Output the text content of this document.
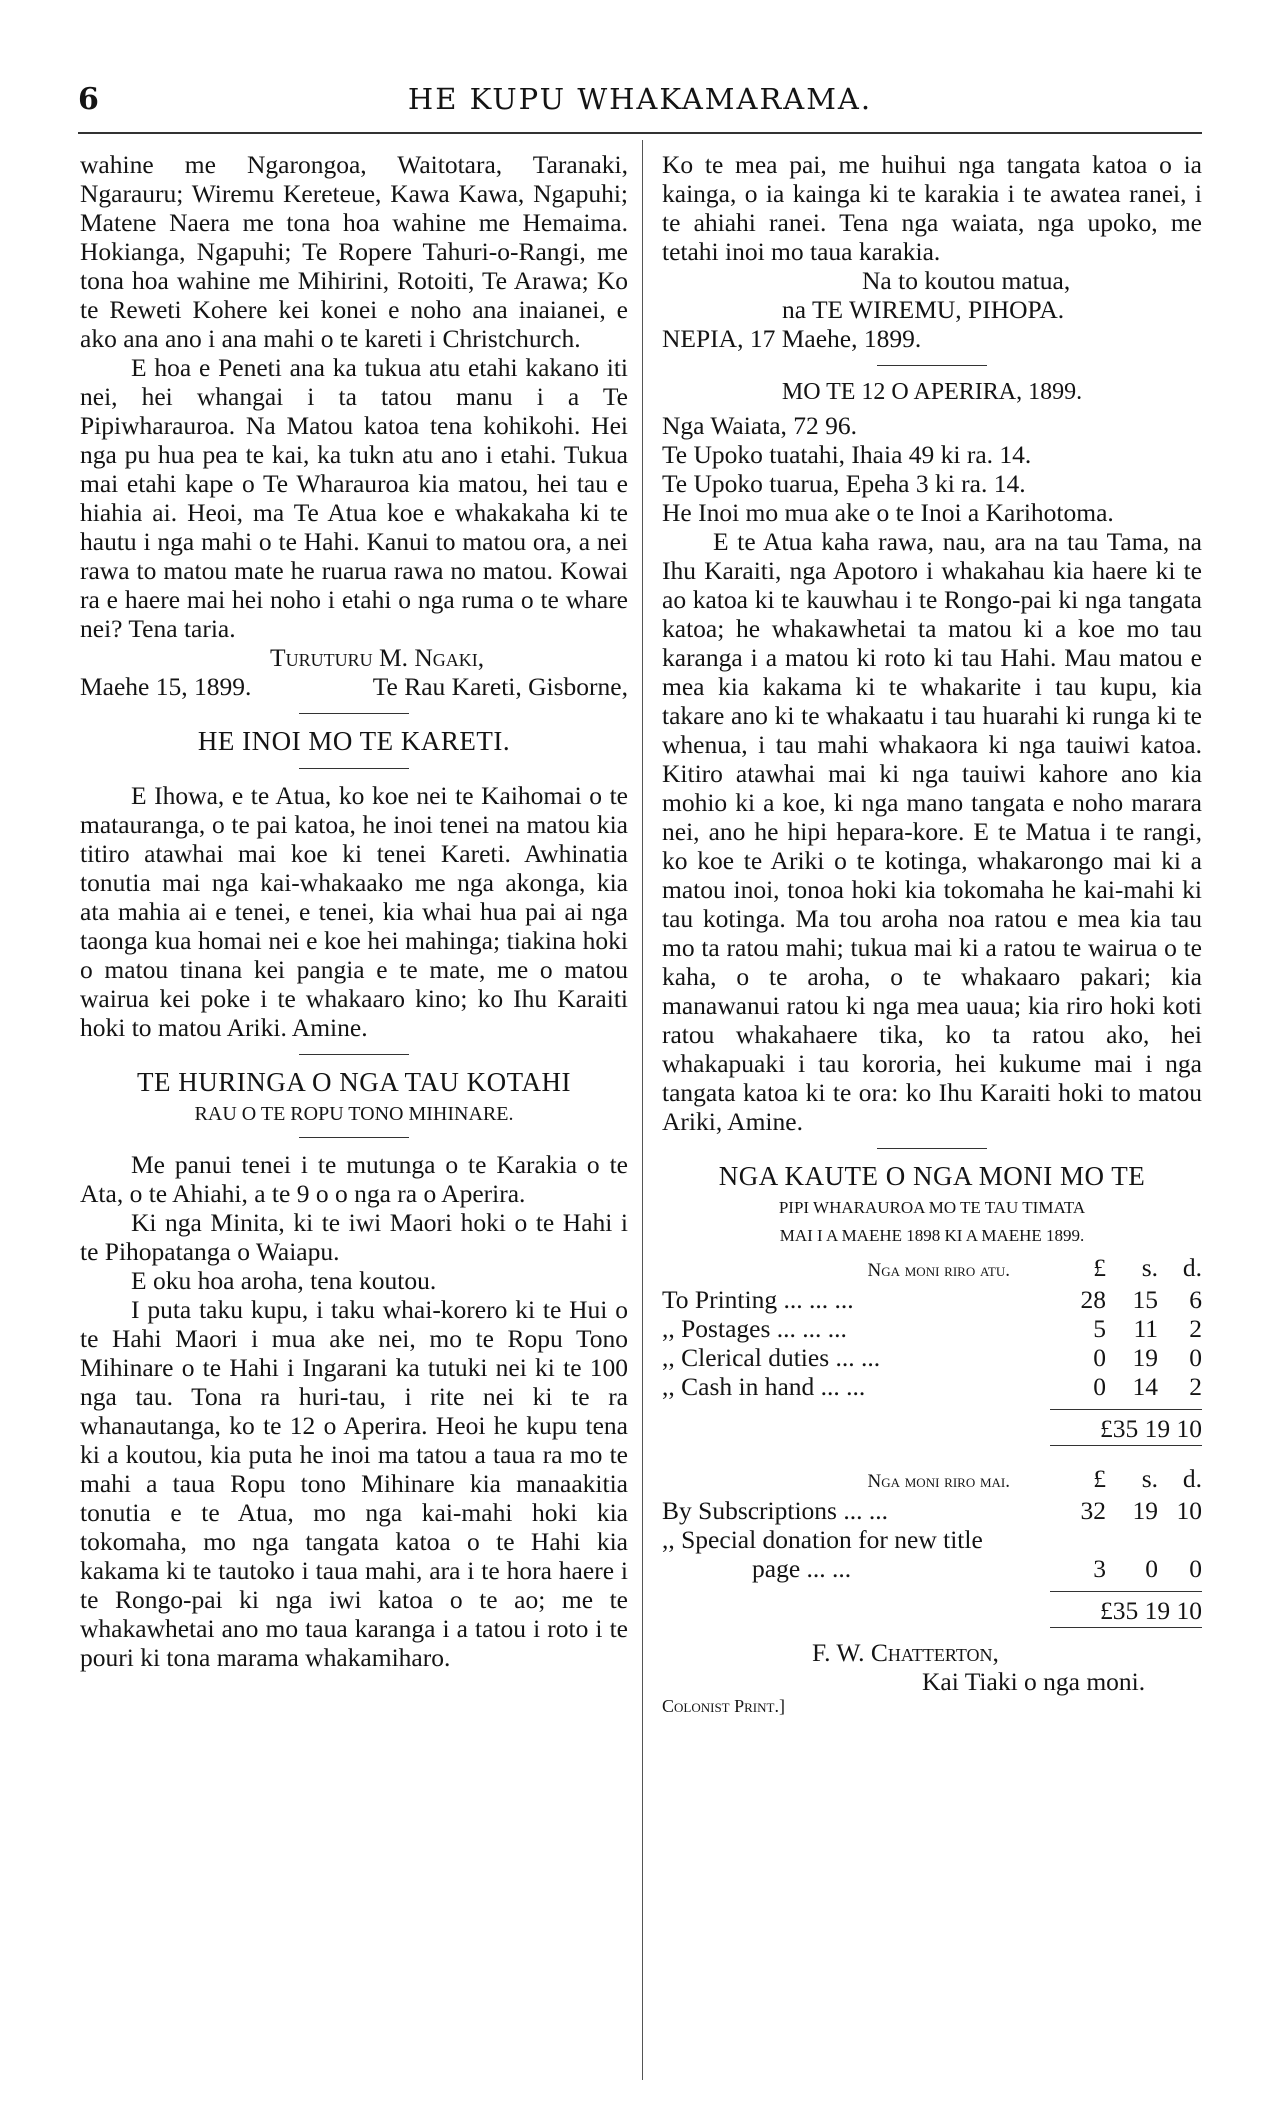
6	HE KUPU WHAKAMARAMA.

wahine me Ngarongoa, Waitotara, Taranaki, Ngarauru; Wiremu Kereteue, Kawa Kawa, Ngapuhi; Matene Naera me tona hoa wahine me Hemaima. Hokianga, Ngapuhi; Te Ropere Tahuri-o-Rangi, me tona hoa wahine me Mihirini, Rotoiti, Te Arawa; Ko te Reweti Kohere kei konei e noho ana inaianei, e ako ana ano i ana mahi o te kareti i Christchurch.

E hoa e Peneti ana ka tukua atu etahi kakano iti nei, hei whangai i ta tatou manu i a Te Pipiwharauroa. Na Matou katoa tena kohikohi. Hei nga pu hua pea te kai, ka tukn atu ano i etahi. Tukua mai etahi kape o Te Wharauroa kia matou, hei tau e hiahia ai. Heoi, ma Te Atua koe e whakakaha ki te hautu i nga mahi o te Hahi. Kanui to matou ora, a nei rawa to matou mate he ruarua rawa no matou. Kowai ra e haere mai hei noho i etahi o nga ruma o te whare nei? Tena taria.

Turuturu M. Ngaki,

Maehe 15, 1899.	Te Rau Kareti, Gisborne,

HE INOI MO TE KARETI.

E Ihowa, e te Atua, ko koe nei te Kaihomai o te matauranga, o te pai katoa, he inoi tenei na matou kia titiro atawhai mai koe ki tenei Kareti. Awhinatia tonutia mai nga kai-whakaako me nga akonga, kia ata mahia ai e tenei, e tenei, kia whai hua pai ai nga taonga kua homai nei e koe hei mahinga; tiakina hoki o matou tinana kei pangia e te mate, me o matou wairua kei poke i te whakaaro kino; ko Ihu Karaiti hoki to matou Ariki. Amine.

TE HURINGA O NGA TAU KOTAHI
RAU O TE ROPU TONO MIHINARE.

Me panui tenei i te mutunga o te Karakia o te Ata, o te Ahiahi, a te 9 o o nga ra o Aperira.

Ki nga Minita, ki te iwi Maori hoki o te Hahi i te Pihopatanga o Waiapu.

E oku hoa aroha, tena koutou.

I puta taku kupu, i taku whai-korero ki te Hui o te Hahi Maori i mua ake nei, mo te Ropu Tono Mihinare o te Hahi i Ingarani ka tutuki nei ki te 100 nga tau. Tona ra huri-tau, i rite nei ki te ra whanautanga, ko te 12 o Aperira. Heoi he kupu tena ki a koutou, kia puta he inoi ma tatou a taua ra mo te mahi a taua Ropu tono Mihinare kia manaakitia tonutia e te Atua, mo nga kai-mahi hoki kia tokomaha, mo nga tangata katoa o te Hahi kia kakama ki te tautoko i taua mahi, ara i te hora haere i te Rongo-pai ki nga iwi katoa o te ao; me te whakawhetai ano mo taua karanga i a tatou i roto i te pouri ki tona marama whakamiharo.

Ko te mea pai, me huihui nga tangata katoa o ia kainga, o ia kainga ki te karakia i te awatea ranei, i te ahiahi ranei. Tena nga waiata, nga upoko, me tetahi inoi mo taua karakia.

Na to koutou matua,

na TE WIREMU, PIHOPA.

NEPIA, 17 Maehe, 1899.

MO TE 12 O APERIRA, 1899.

Nga Waiata, 72 96.

Te Upoko tuatahi, Ihaia 49 ki ra. 14.

Te Upoko tuarua, Epeha 3 ki ra. 14.

He Inoi mo mua ake o te Inoi a Karihotoma.

E te Atua kaha rawa, nau, ara na tau Tama, na Ihu Karaiti, nga Apotoro i whakahau kia haere ki te ao katoa ki te kauwhau i te Rongo-pai ki nga tangata katoa; he whakawhetai ta matou ki a koe mo tau karanga i a matou ki roto ki tau Hahi. Mau matou e mea kia kakama ki te whakarite i tau kupu, kia takare ano ki te whakaatu i tau huarahi ki runga ki te whenua, i tau mahi whakaora ki nga tauiwi katoa. Kitiro atawhai mai ki nga tauiwi kahore ano kia mohio ki a koe, ki nga mano tangata e noho marara nei, ano he hipi hepara-kore. E te Matua i te rangi, ko koe te Ariki o te kotinga, whakarongo mai ki a matou inoi, tonoa hoki kia tokomaha he kai-mahi ki tau kotinga. Ma tou aroha noa ratou e mea kia tau mo ta ratou mahi; tukua mai ki a ratou te wairua o te kaha, o te aroha, o te whakaaro pakari; kia manawanui ratou ki nga mea uaua; kia riro hoki koti ratou whakahaere tika, ko ta ratou ako, hei whakapuaki i tau kororia, hei kukume mai i nga tangata katoa ki te ora: ko Ihu Karaiti hoki to matou Ariki, Amine.

NGA KAUTE O NGA MONI MO TE
PIPI WHARAUROA MO TE TAU TIMATA
MAI I A MAEHE 1898 KI A MAEHE 1899.
Nga moni riro atu.	£	s. d.
To Printing ... ... ...	28	15	6
,, Postages ... ... ...	5	11	2
,, Clerical duties ... ...	0	19	0
,, Cash in hand ... ...	0	14	2
£35 19 10
Nga moni riro mai.	£	s. d.
By Subscriptions ... ...	32	19 10
,, Special donation for new title
page ... ...	3	0	0
£35 19 10

F. W. Chatterton,

Kai Tiaki o nga moni.

Colonist Print.]
